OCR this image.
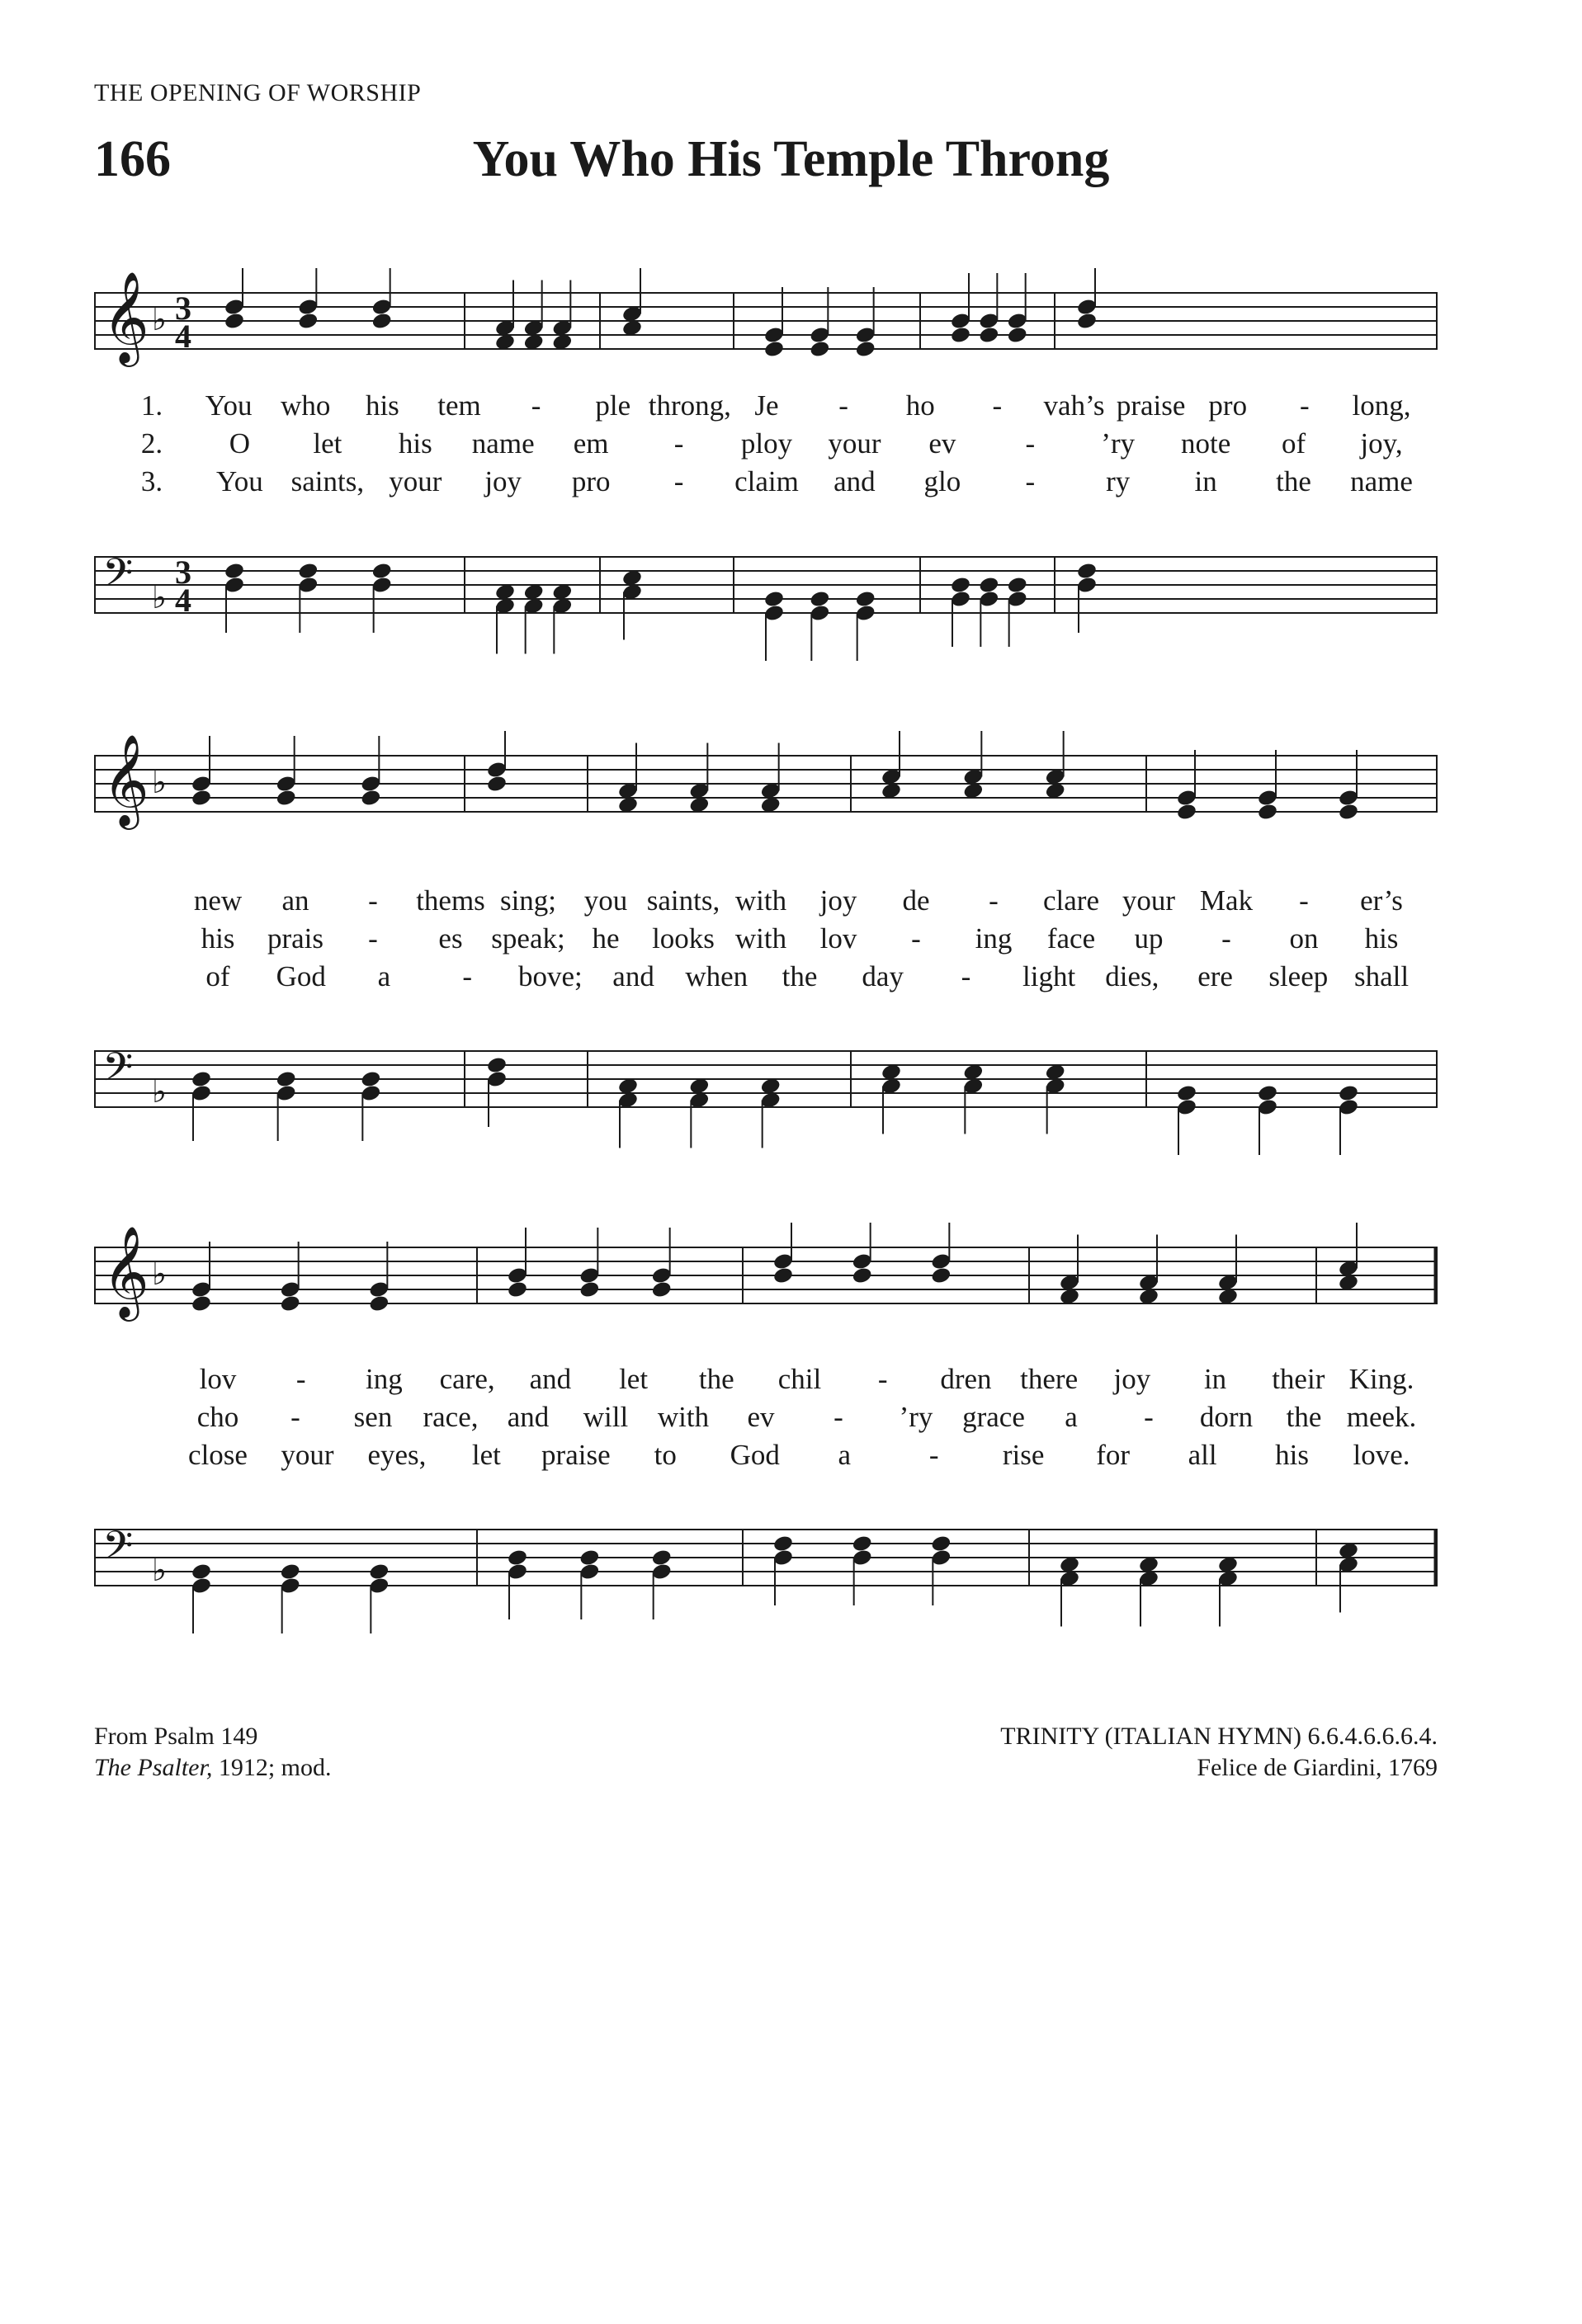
THE OPENING OF WORSHIP
166	You Who His Temple Throng
𝄞 ♭ 3
4
1. You who his tem - ple throng, Je - ho - vah’s praise pro - long,
2. O let his name em - ploy your ev - ’ry note of joy,
3. You saints, your joy pro - claim and glo - ry in the name
𝄢 ♭
3
4
𝄞 ♭
new an - thems sing; you saints, with joy de - clare your Mak - er’s
his prais - es speak; he looks with lov - ing face up - on his
of God a - bove; and when the day - light dies, ere sleep shall
𝄢 ♭
𝄞 ♭
lov - ing care, and let the chil - dren there joy in their King.
cho - sen race, and will with ev - ’ry grace a - dorn the meek.
close your eyes, let praise to God a	- rise for all his love.
𝄢 ♭
From Psalm 149
The Psalter, 1912; mod.
TRINITY (ITALIAN HYMN) 6.6.4.6.6.6.4.
Felice de Giardini, 1769
